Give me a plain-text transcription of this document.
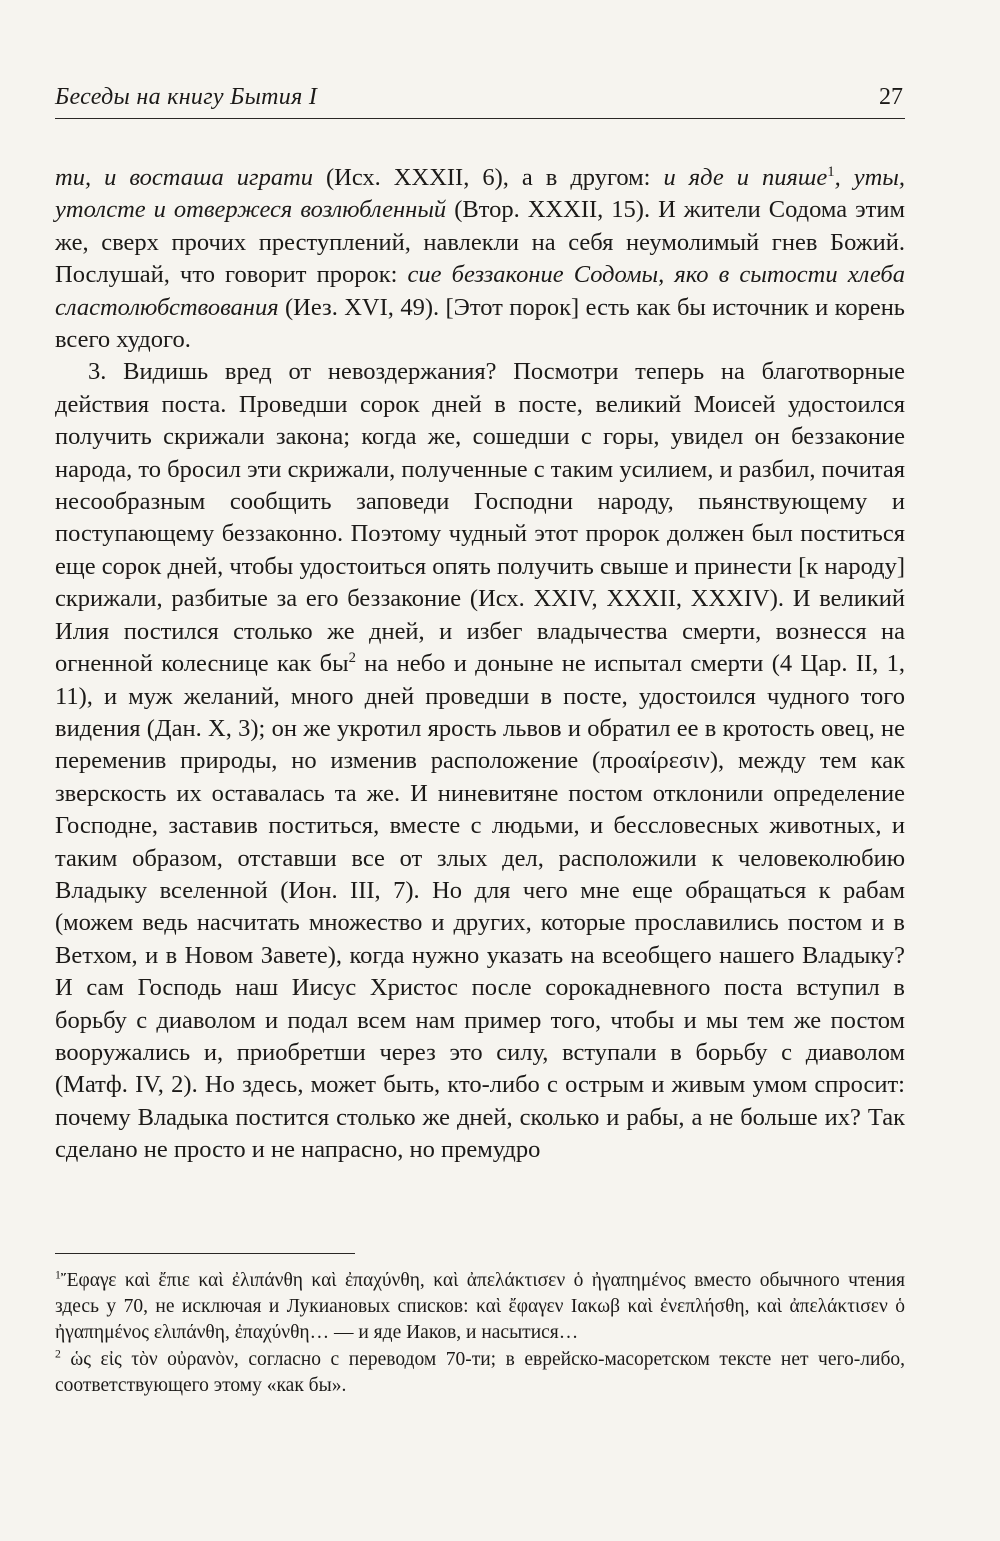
Беседы на книгу Бытия I	27

ти, и восташа играти (Исх. XXXII, 6), а в другом: и яде и пияше$^1$, уты, утолсте и отвержеся возлюбленный (Втор. XXXII, 15). И жители Содома этим же, сверх прочих преступлений, навлекли на себя неумолимый гнев Божий. Послушай, что говорит пророк: сие беззаконие Содомы, яко в сытости хлеба сластолюбствования (Иез. XVI, 49). [Этот порок] есть как бы источник и корень всего худого.

3. Видишь вред от невоздержания? Посмотри теперь на благотворные действия поста. Проведши сорок дней в посте, великий Моисей удостоился получить скрижали закона; когда же, сошедши с горы, увидел он беззаконие народа, то бросил эти скрижали, полученные с таким усилием, и разбил, почитая несообразным сообщить заповеди Господни народу, пьянствующему и поступающему беззаконно. Поэтому чудный этот пророк должен был поститься еще сорок дней, чтобы удостоиться опять получить свыше и принести [к народу] скрижали, разбитые за его беззаконие (Исх. XXIV, XXXII, XXXIV). И великий Илия постился столько же дней, и избег владычества смерти, вознесся на огненной колеснице как $бы^2$ на небо и доныне не испытал смерти (4 Цар. II, 1, 11), и муж желаний, много дней проведши в посте, удостоился чудного того видения (Дан. X, 3); он же укротил ярость львов и обратил ее в кротость овец, не переменив природы, но изменив расположение (προαίρεσιν), между тем как зверскость их оставалась та же. И ниневитяне постом отклонили определение Господне, заставив поститься, вместе с людьми, и бессловесных животных, и таким образом, отставши все от злых дел, расположили к человеколюбию Владыку вселенной (Ион. III, 7). Но для чего мне еще обращаться к рабам (можем ведь насчитать множество и других, которые прославились постом и в Ветхом, и в Новом Завете), когда нужно указать на всеобщего нашего Владыку? И сам Господь наш Иисус Христос после сорокадневного поста вступил в борьбу с диаволом и подал всем нам пример того, чтобы и мы тем же постом вооружались и, приобретши через это силу, вступали в борьбу с диаволом (Матф. IV, 2). Но здесь, может быть, кто-либо с острым и живым умом спросит: почему Владыка постится столько же дней, сколько и рабы, а не больше их? Так сделано не просто и не напрасно, но премудро

$^1$Ἔφαγε καὶ ἔπιε καὶ ἐλιπάνθη καὶ ἐπαχύνθη, καὶ ἀπελάκτισεν ὁ ἠγαπημένος вместо обычного чтения здесь у 70, не исключая и Лукиановых списков: καὶ ἔφαγεν Ιακωβ καὶ ἐνεπλήσθη, καὶ ἀπελάκτισεν ὁ ἠγαπημένος ελιπάνθη, ἐπαχύνθη… — и яде Иаков, и насытися…

$^2$ ὡς εἰς τὸν οὐρανὸν, согласно с переводом 70-ти; в еврейско-масоретском тексте нет чего-либо, соответствующего этому «как бы».
